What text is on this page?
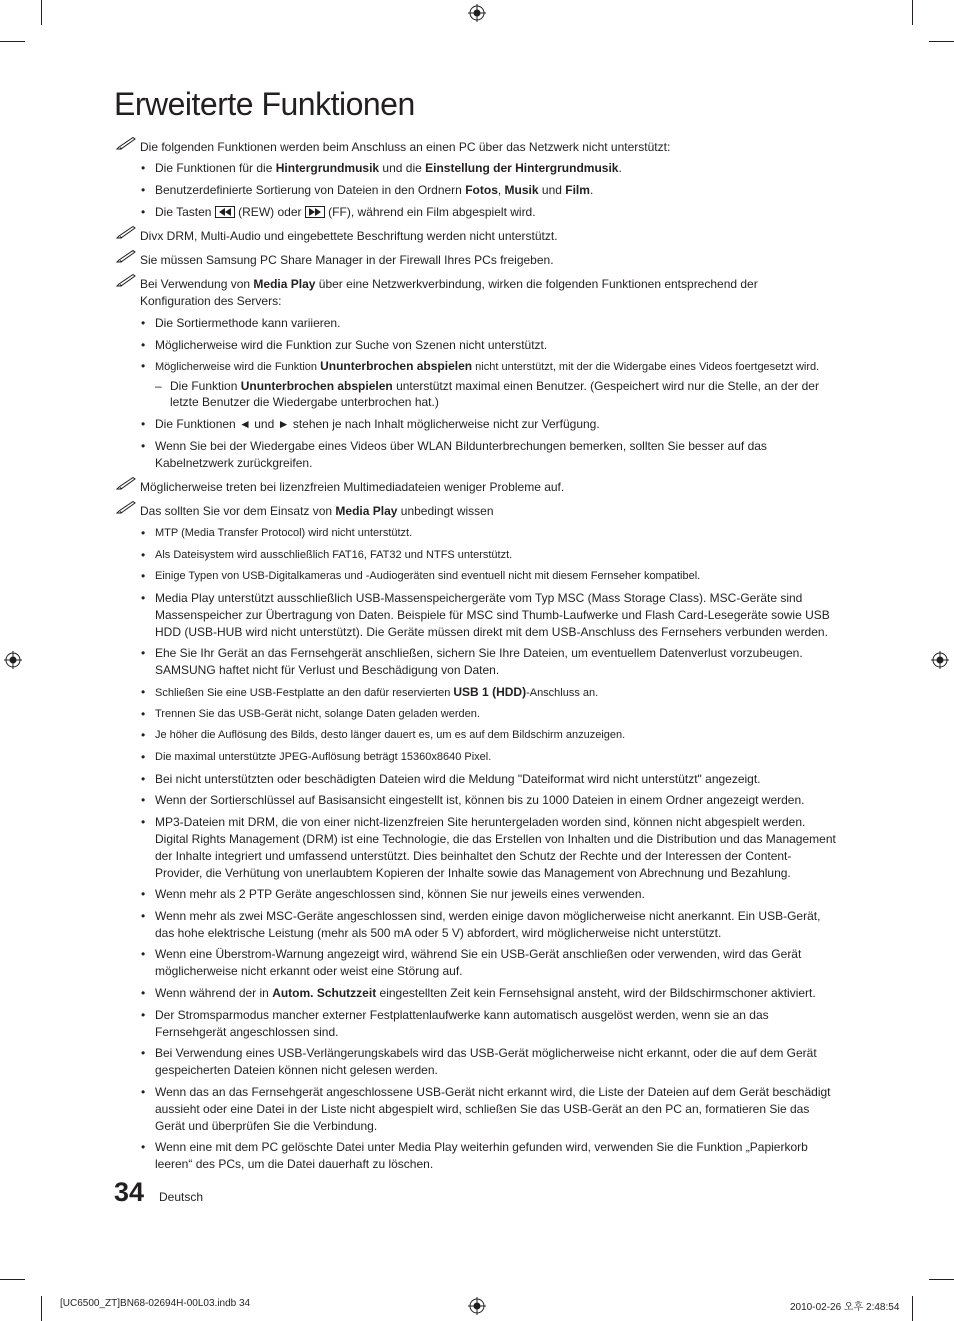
Erweiterte Funktionen
Die folgenden Funktionen werden beim Anschluss an einen PC über das Netzwerk nicht unterstützt:
• Die Funktionen für die Hintergrundmusik und die Einstellung der Hintergrundmusik.
• Benutzerdefinierte Sortierung von Dateien in den Ordnern Fotos, Musik und Film.
• Die Tasten  (REW) oder  (FF), während ein Film abgespielt wird.
Divx DRM, Multi-Audio und eingebettete Beschriftung werden nicht unterstützt.
Sie müssen Samsung PC Share Manager in der Firewall Ihres PCs freigeben.
Bei Verwendung von Media Play über eine Netzwerkverbindung, wirken die folgenden Funktionen entsprechend der
Konfiguration des Servers:
• Die Sortiermethode kann variieren.
• Möglicherweise wird die Funktion zur Suche von Szenen nicht unterstützt.
• Möglicherweise wird die Funktion Ununterbrochen abspielen nicht unterstützt, mit der die Widergabe eines Videos foertgesetzt wird.
– Die Funktion Ununterbrochen abspielen unterstützt maximal einen Benutzer. (Gespeichert wird nur die Stelle, an der der
letzte Benutzer die Wiedergabe unterbrochen hat.)
• Die Funktionen ◄ und ► stehen je nach Inhalt möglicherweise nicht zur Verfügung.
• Wenn Sie bei der Wiedergabe eines Videos über WLAN Bildunterbrechungen bemerken, sollten Sie besser auf das
Kabelnetzwerk zurückgreifen.
Möglicherweise treten bei lizenzfreien Multimediadateien weniger Probleme auf.
Das sollten Sie vor dem Einsatz von Media Play unbedingt wissen
• MTP (Media Transfer Protocol) wird nicht unterstützt.
• Als Dateisystem wird ausschließlich FAT16, FAT32 und NTFS unterstützt.
• Einige Typen von USB-Digitalkameras und -Audiogeräten sind eventuell nicht mit diesem Fernseher kompatibel.
• Media Play unterstützt ausschließlich USB-Massenspeichergeräte vom Typ MSC (Mass Storage Class). MSC-Geräte sind
Massenspeicher zur Übertragung von Daten. Beispiele für MSC sind Thumb-Laufwerke und Flash Card-Lesegeräte sowie USB
HDD (USB-HUB wird nicht unterstützt). Die Geräte müssen direkt mit dem USB-Anschluss des Fernsehers verbunden werden.
• Ehe Sie Ihr Gerät an das Fernsehgerät anschließen, sichern Sie Ihre Dateien, um eventuellem Datenverlust vorzubeugen.
SAMSUNG haftet nicht für Verlust und Beschädigung von Daten.
• Schließen Sie eine USB-Festplatte an den dafür reservierten USB 1 (HDD)-Anschluss an.
• Trennen Sie das USB-Gerät nicht, solange Daten geladen werden.
• Je höher die Auflösung des Bilds, desto länger dauert es, um es auf dem Bildschirm anzuzeigen.
• Die maximal unterstützte JPEG-Auflösung beträgt 15360x8640 Pixel.
• Bei nicht unterstützten oder beschädigten Dateien wird die Meldung "Dateiformat wird nicht unterstützt" angezeigt.
• Wenn der Sortierschlüssel auf Basisansicht eingestellt ist, können bis zu 1000 Dateien in einem Ordner angezeigt werden.
• MP3-Dateien mit DRM, die von einer nicht-lizenzfreien Site heruntergeladen worden sind, können nicht abgespielt werden.
Digital Rights Management (DRM) ist eine Technologie, die das Erstellen von Inhalten und die Distribution und das Management
der Inhalte integriert und umfassend unterstützt. Dies beinhaltet den Schutz der Rechte und der Interessen der Content-
Provider, die Verhütung von unerlaubtem Kopieren der Inhalte sowie das Management von Abrechnung und Bezahlung.
• Wenn mehr als 2 PTP Geräte angeschlossen sind, können Sie nur jeweils eines verwenden.
• Wenn mehr als zwei MSC-Geräte angeschlossen sind, werden einige davon möglicherweise nicht anerkannt. Ein USB-Gerät,
das hohe elektrische Leistung (mehr als 500 mA oder 5 V) abfordert, wird möglicherweise nicht unterstützt.
• Wenn eine Überstrom-Warnung angezeigt wird, während Sie ein USB-Gerät anschließen oder verwenden, wird das Gerät
möglicherweise nicht erkannt oder weist eine Störung auf.
• Wenn während der in Autom. Schutzzeit eingestellten Zeit kein Fernsehsignal ansteht, wird der Bildschirmschoner aktiviert.
• Der Stromsparmodus mancher externer Festplattenlaufwerke kann automatisch ausgelöst werden, wenn sie an das
Fernsehgerät angeschlossen sind.
• Bei Verwendung eines USB-Verlängerungskabels wird das USB-Gerät möglicherweise nicht erkannt, oder die auf dem Gerät
gespeicherten Dateien können nicht gelesen werden.
• Wenn das an das Fernsehgerät angeschlossene USB-Gerät nicht erkannt wird, die Liste der Dateien auf dem Gerät beschädigt
aussieht oder eine Datei in der Liste nicht abgespielt wird, schließen Sie das USB-Gerät an den PC an, formatieren Sie das
Gerät und überprüfen Sie die Verbindung.
• Wenn eine mit dem PC gelöschte Datei unter Media Play weiterhin gefunden wird, verwenden Sie die Funktion „Papierkorb
leeren“ des PCs, um die Datei dauerhaft zu löschen.
34 Deutsch
[UC6500_ZT]BN68-02694H-00L03.indb 34	2010-02-26 오후 2:48:54
